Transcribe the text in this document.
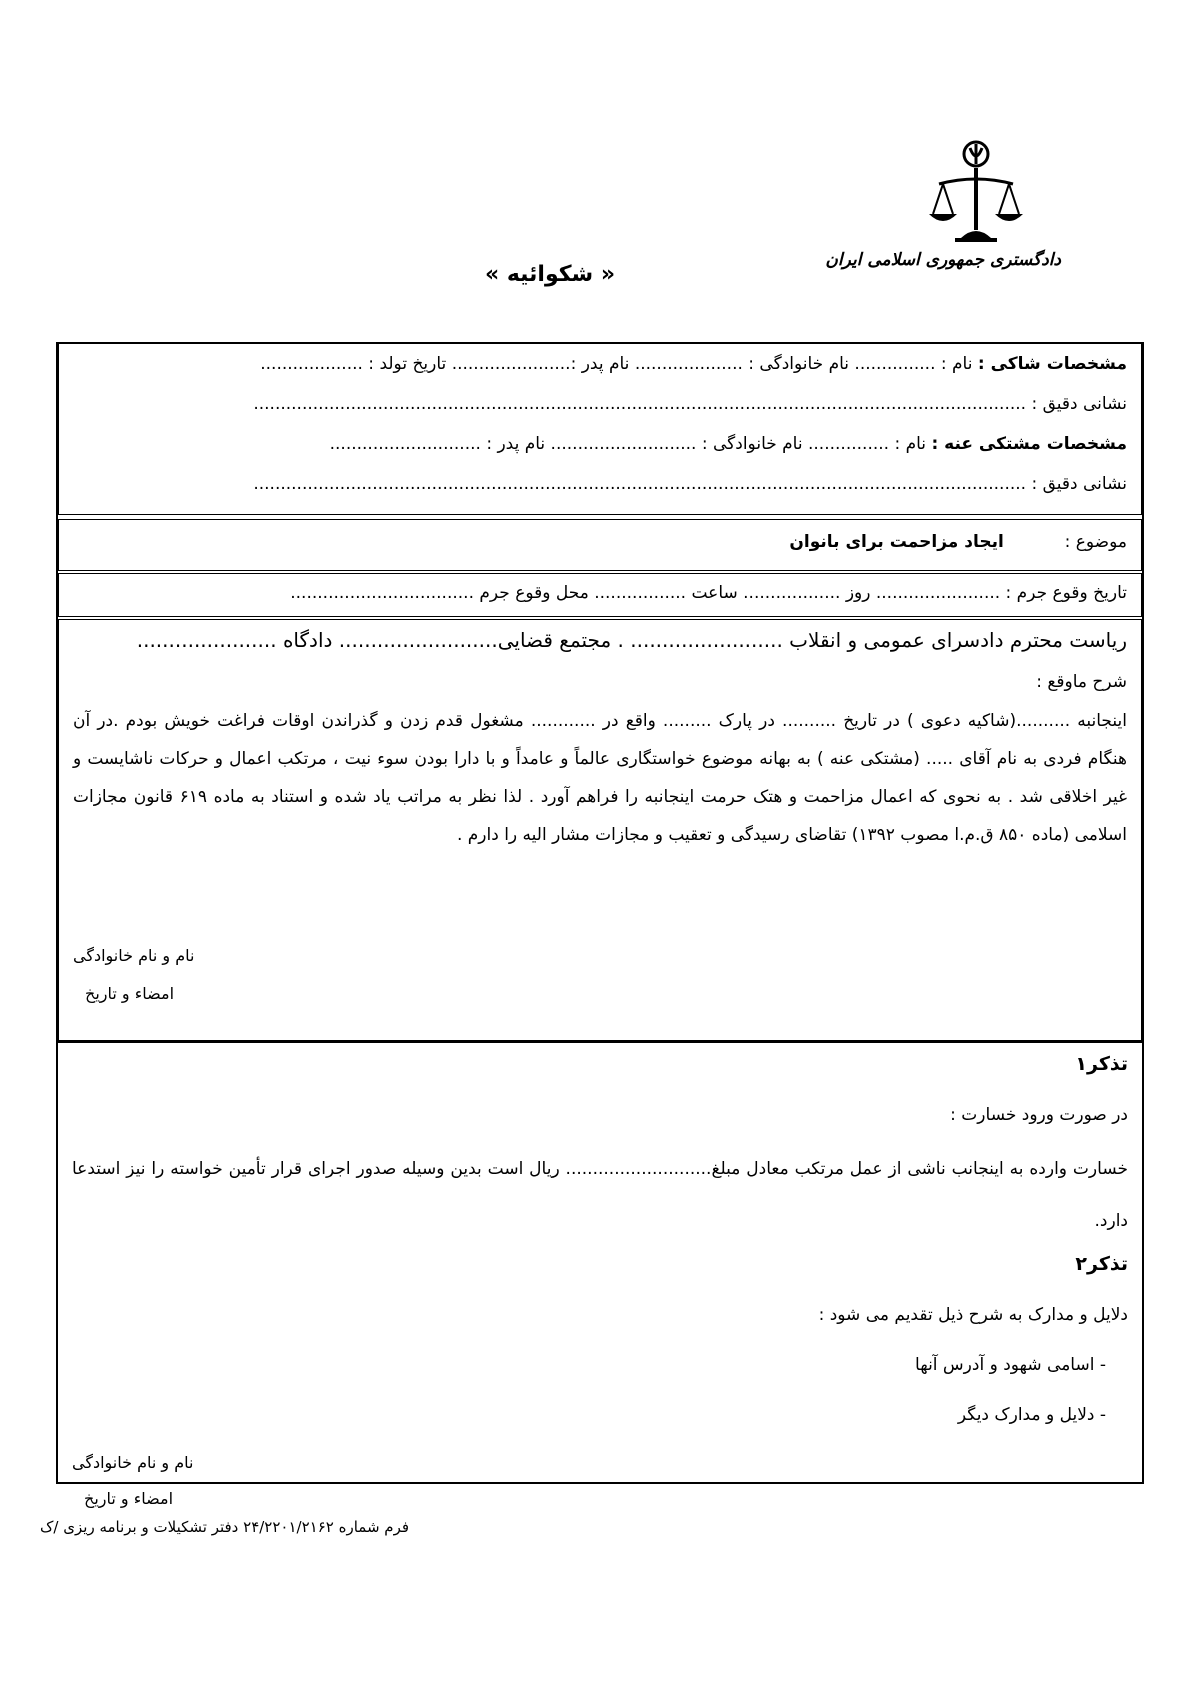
دادگستری جمهوری اسلامی ایران
« شکوائیه »
مشخصات شاکی : نام : ............... نام خانوادگی : .................... نام پدر :...................... تاریخ تولد : ...................
نشانی دقیق : ...............................................................................................................................................
مشخصات مشتکی عنه : نام : ............... نام خانوادگی : ........................... نام پدر : ............................
نشانی دقیق : ...............................................................................................................................................
موضوع :  ایجاد مزاحمت برای بانوان
تاریخ وقوع جرم : ....................... روز .................. ساعت ................. محل وقوع جرم ..................................
ریاست محترم دادسرای عمومی و انقلاب ........................ . مجتمع قضایی......................... دادگاه ......................
شرح ماوقع :
اینجانبه ..........(شاکیه دعوی ) در تاریخ .......... در پارک ......... واقع در ............ مشغول قدم زدن و گذراندن اوقات فراغت خویش بودم .در آن هنگام فردی به نام آقای ..... (مشتکی عنه ) به بهانه موضوع خواستگاری عالماً و عامداً و با دارا بودن سوء نیت ، مرتکب اعمال و حرکات ناشایست و غیر اخلاقی شد . به نحوی که اعمال مزاحمت و هتک حرمت اینجانبه را فراهم آورد . لذا نظر به مراتب یاد شده و استناد به ماده ۶۱۹ قانون مجازات اسلامی (ماده ۸۵۰ ق.م.ا مصوب ۱۳۹۲) تقاضای رسیدگی و تعقیب و مجازات مشار الیه را دارم .
نام و نام خانوادگی
امضاء و تاریخ
تذکر۱
در صورت ورود خسارت :
خسارت وارده به اینجانب ناشی از عمل مرتکب معادل مبلغ........................... ریال است بدین وسیله صدور اجرای قرار تأمین خواسته را نیز استدعا دارد.
تذکر۲
دلایل و مدارک به شرح ذیل تقدیم می شود :
- اسامی شهود و آدرس آنها
- دلایل و مدارک دیگر
نام و نام خانوادگی
امضاء و تاریخ
فرم شماره ۲۴/۲۲۰۱/۲۱۶۲ دفتر تشکیلات و برنامه ریزی /ک
